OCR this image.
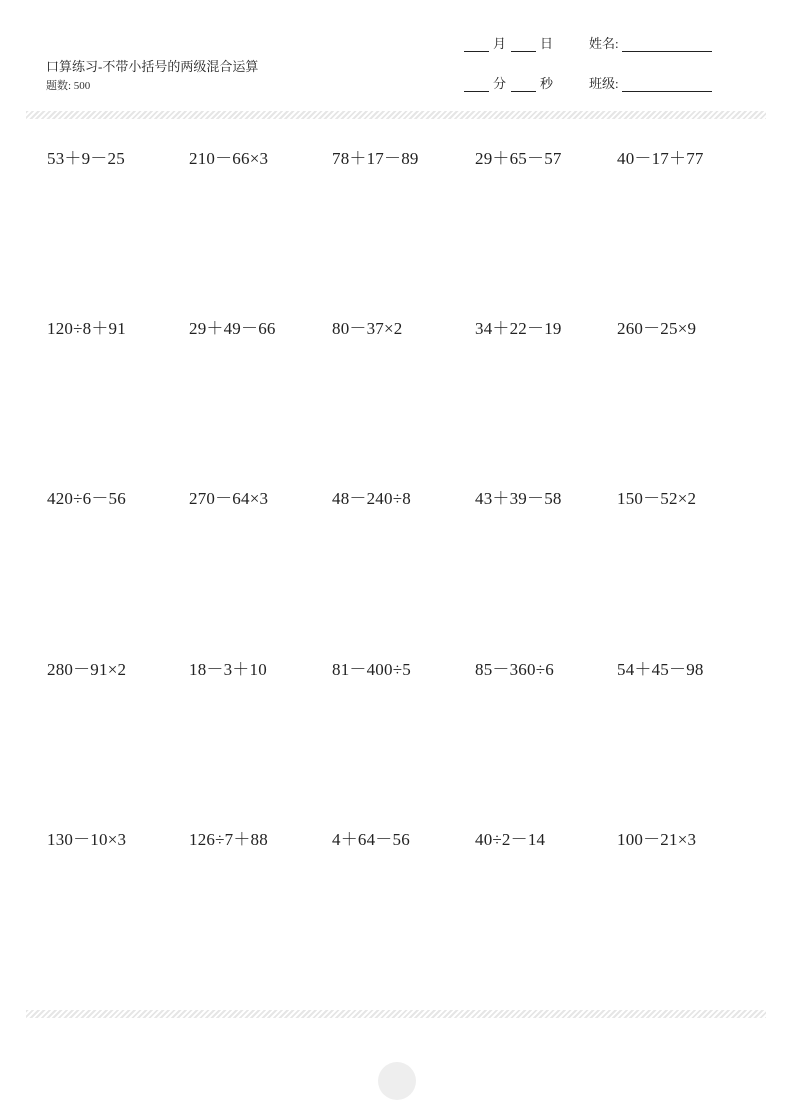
口算练习-不带小括号的两级混合运算
题数: 500
月	日
分	秒
姓名:
班级:
53＋9－25	210－66×3	78＋17－89	29＋65－57	40－17＋77
120÷8＋91	29＋49－66	80－37×2	34＋22－19	260－25×9
420÷6－56	270－64×3	48－240÷8	43＋39－58	150－52×2
280－91×2	18－3＋10	81－400÷5	85－360÷6	54＋45－98
130－10×3	126÷7＋88	4＋64－56	40÷2－14	100－21×3
